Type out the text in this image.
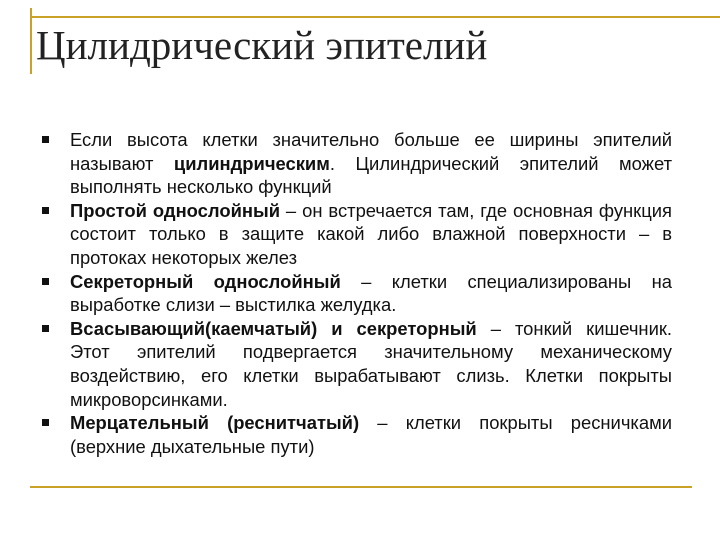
Цилидрический эпителий
Если высота клетки значительно больше ее ширины эпителий называют цилиндрическим. Цилиндрический эпителий может выполнять несколько функций
Простой однослойный – он встречается там, где основная функция состоит только в защите какой либо влажной поверхности – в протоках некоторых желез
Секреторный однослойный – клетки специализированы на выработке слизи – выстилка желудка.
Всасывающий(каемчатый) и секреторный – тонкий кишечник. Этот эпителий подвергается значительному механическому воздействию, его клетки вырабатывают слизь. Клетки покрыты микроворсинками.
Мерцательный (реснитчатый) – клетки покрыты ресничками (верхние дыхательные пути)
